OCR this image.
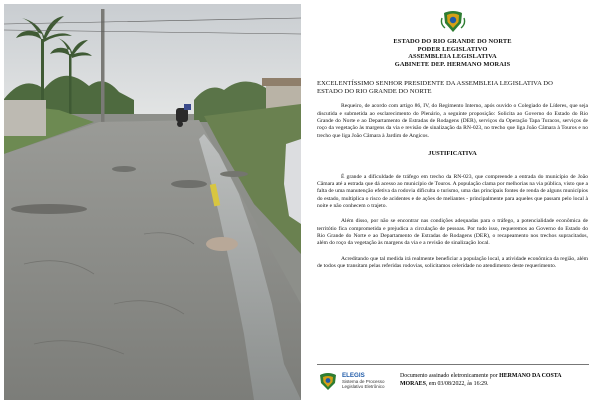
ESTADO DO RIO GRANDE DO NORTE
PODER LEGISLATIVO
ASSEMBLEIA LEGISLATIVA
GABINETE DEP. HERMANO MORAIS
EXCELENTÍSSIMO SENHOR PRESIDENTE DA ASSEMBLEIA LEGISLATIVA DO
ESTADO DO RIO GRANDE DO NORTE

Requeiro, de acordo com artigo 86, IV, do Regimento Interno, após ouvido o Colegiado de Líderes, que seja discutida e submetida ao esclarecimento do Plenário, a seguinte proposição: Solicita ao Governo do Estado do Rio Grande do Norte e ao Departamento de Estradas de Rodagens (DER), serviços da Operação Tapa Turacos, serviços de roço da vegetação às margens da via e revisão de sinalização da RN-023, no trecho que liga João Câmara à Touros e no trecho que liga João Câmara à Jardim de Angicos.

JUSTIFICATIVA

É grande a dificuldade de tráfego em trecho da RN-023, que compreende a entrada do município de João Câmara até a estrada que dá acesso ao município de Touros. A população clama por melhorias na via pública, visto que a falta de uma manutenção efetiva da rodovia dificulta o turismo, uma das principais fontes de renda de alguns municípios do estado, multiplica o risco de acidentes e de ações de meliantes - principalmente para aqueles que passam pelo local à noite e não conhecem o trajeto.

Além disso, por não se encontrar nas condições adequadas para o tráfego, a potencialidade econômica de territótio fica comprometida e prejudica a circulação de pessoas. Por tudo isso, requeremos ao Governo do Estado do Rio Grande do Norte e ao Departamento de Estradas de Rodagens (DER), o recapeamento nos trechos supracitados, além do roço da vegetação às margens da via e a revisão de sinalização local.

Acreditando que tal medida irá realmente beneficiar a população local, a atividade econômica da região, além de todos que transitam pelas referidas rodovias, solicitamos celeridade no atendimento deste requerimento.

ELEGIS
Sistema de Processo Legislativo Eletrônico
Documento assinado eletronicamente por HERMANO DA COSTA MORAES, em 03/08/2022, às 16:29.
